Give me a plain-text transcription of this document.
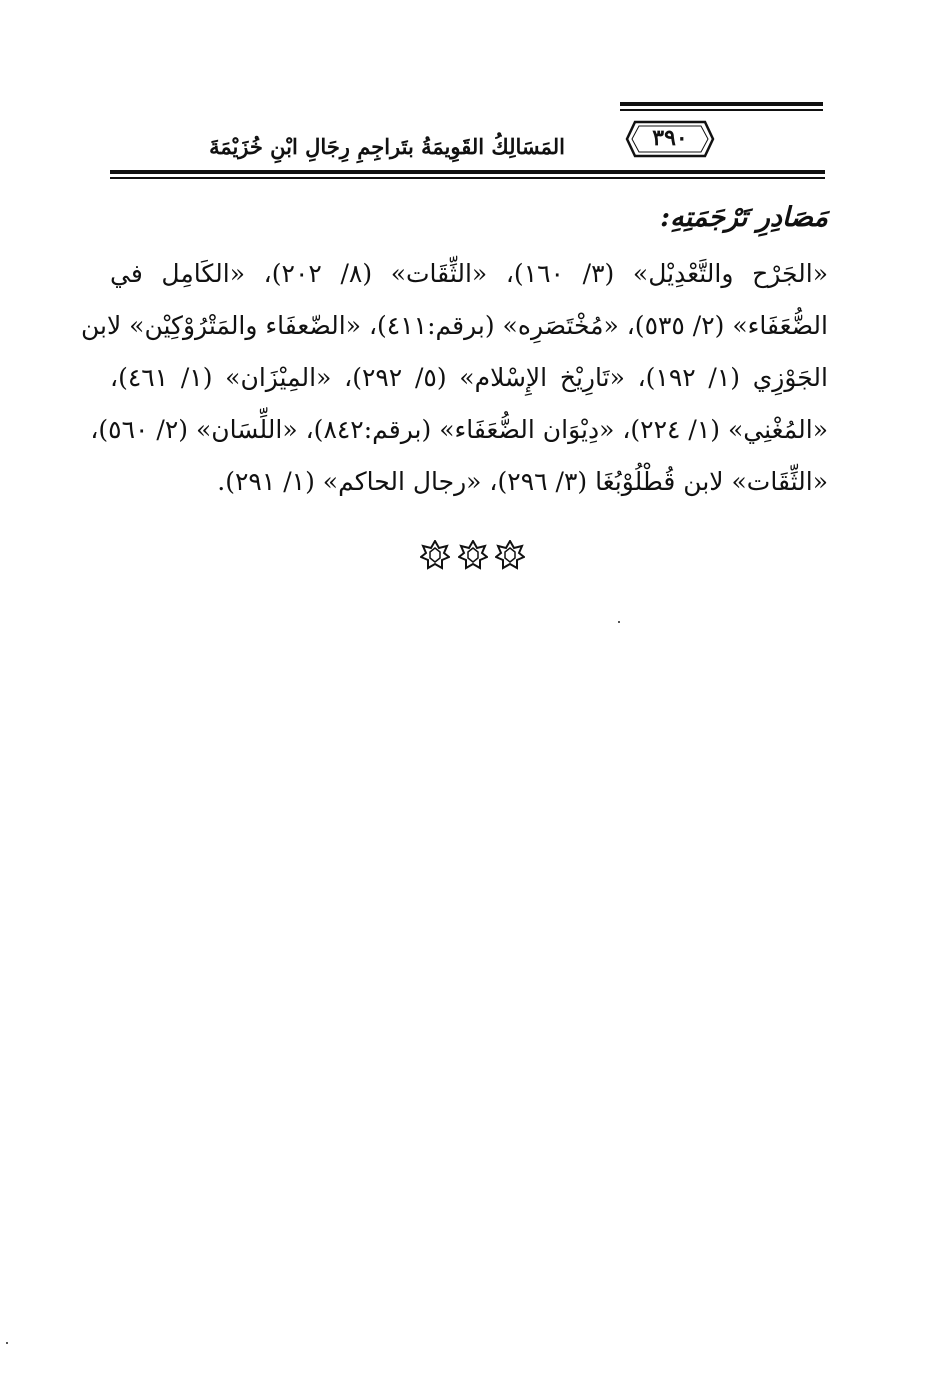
٣٩٠
المَسَالِكُ القَوِيمَةُ بتَراجِمِ رِجَالِ ابْنِ خُزَيْمَةَ
مَصَادِرِ تَرْجَمَتِهِ:
«الجَرْح والتَّعْدِيْل» (٣/ ١٦٠)، «الثِّقَات» (٨/ ٢٠٢)، «الكَامِل في
الضُّعَفَاء» (٢/ ٥٣٥)، «مُخْتَصَرِه» (برقم:٤١١)، «الضّعفَاء والمَتْرُوْكِيْن» لابن
الجَوْزِي (١/ ١٩٢)، «تَارِيْخ الإِسْلام» (٥/ ٢٩٢)، «المِيْزَان» (١/ ٤٦١)،
«المُغْنِي» (١/ ٢٢٤)، «دِيْوَان الضُّعَفَاء» (برقم:٨٤٢)، «اللِّسَان» (٢/ ٥٦٠)،
«الثِّقَات» لابن قُطْلُوْبُغَا (٣/ ٢٩٦)، «رجال الحاكم» (١/ ٢٩١).
